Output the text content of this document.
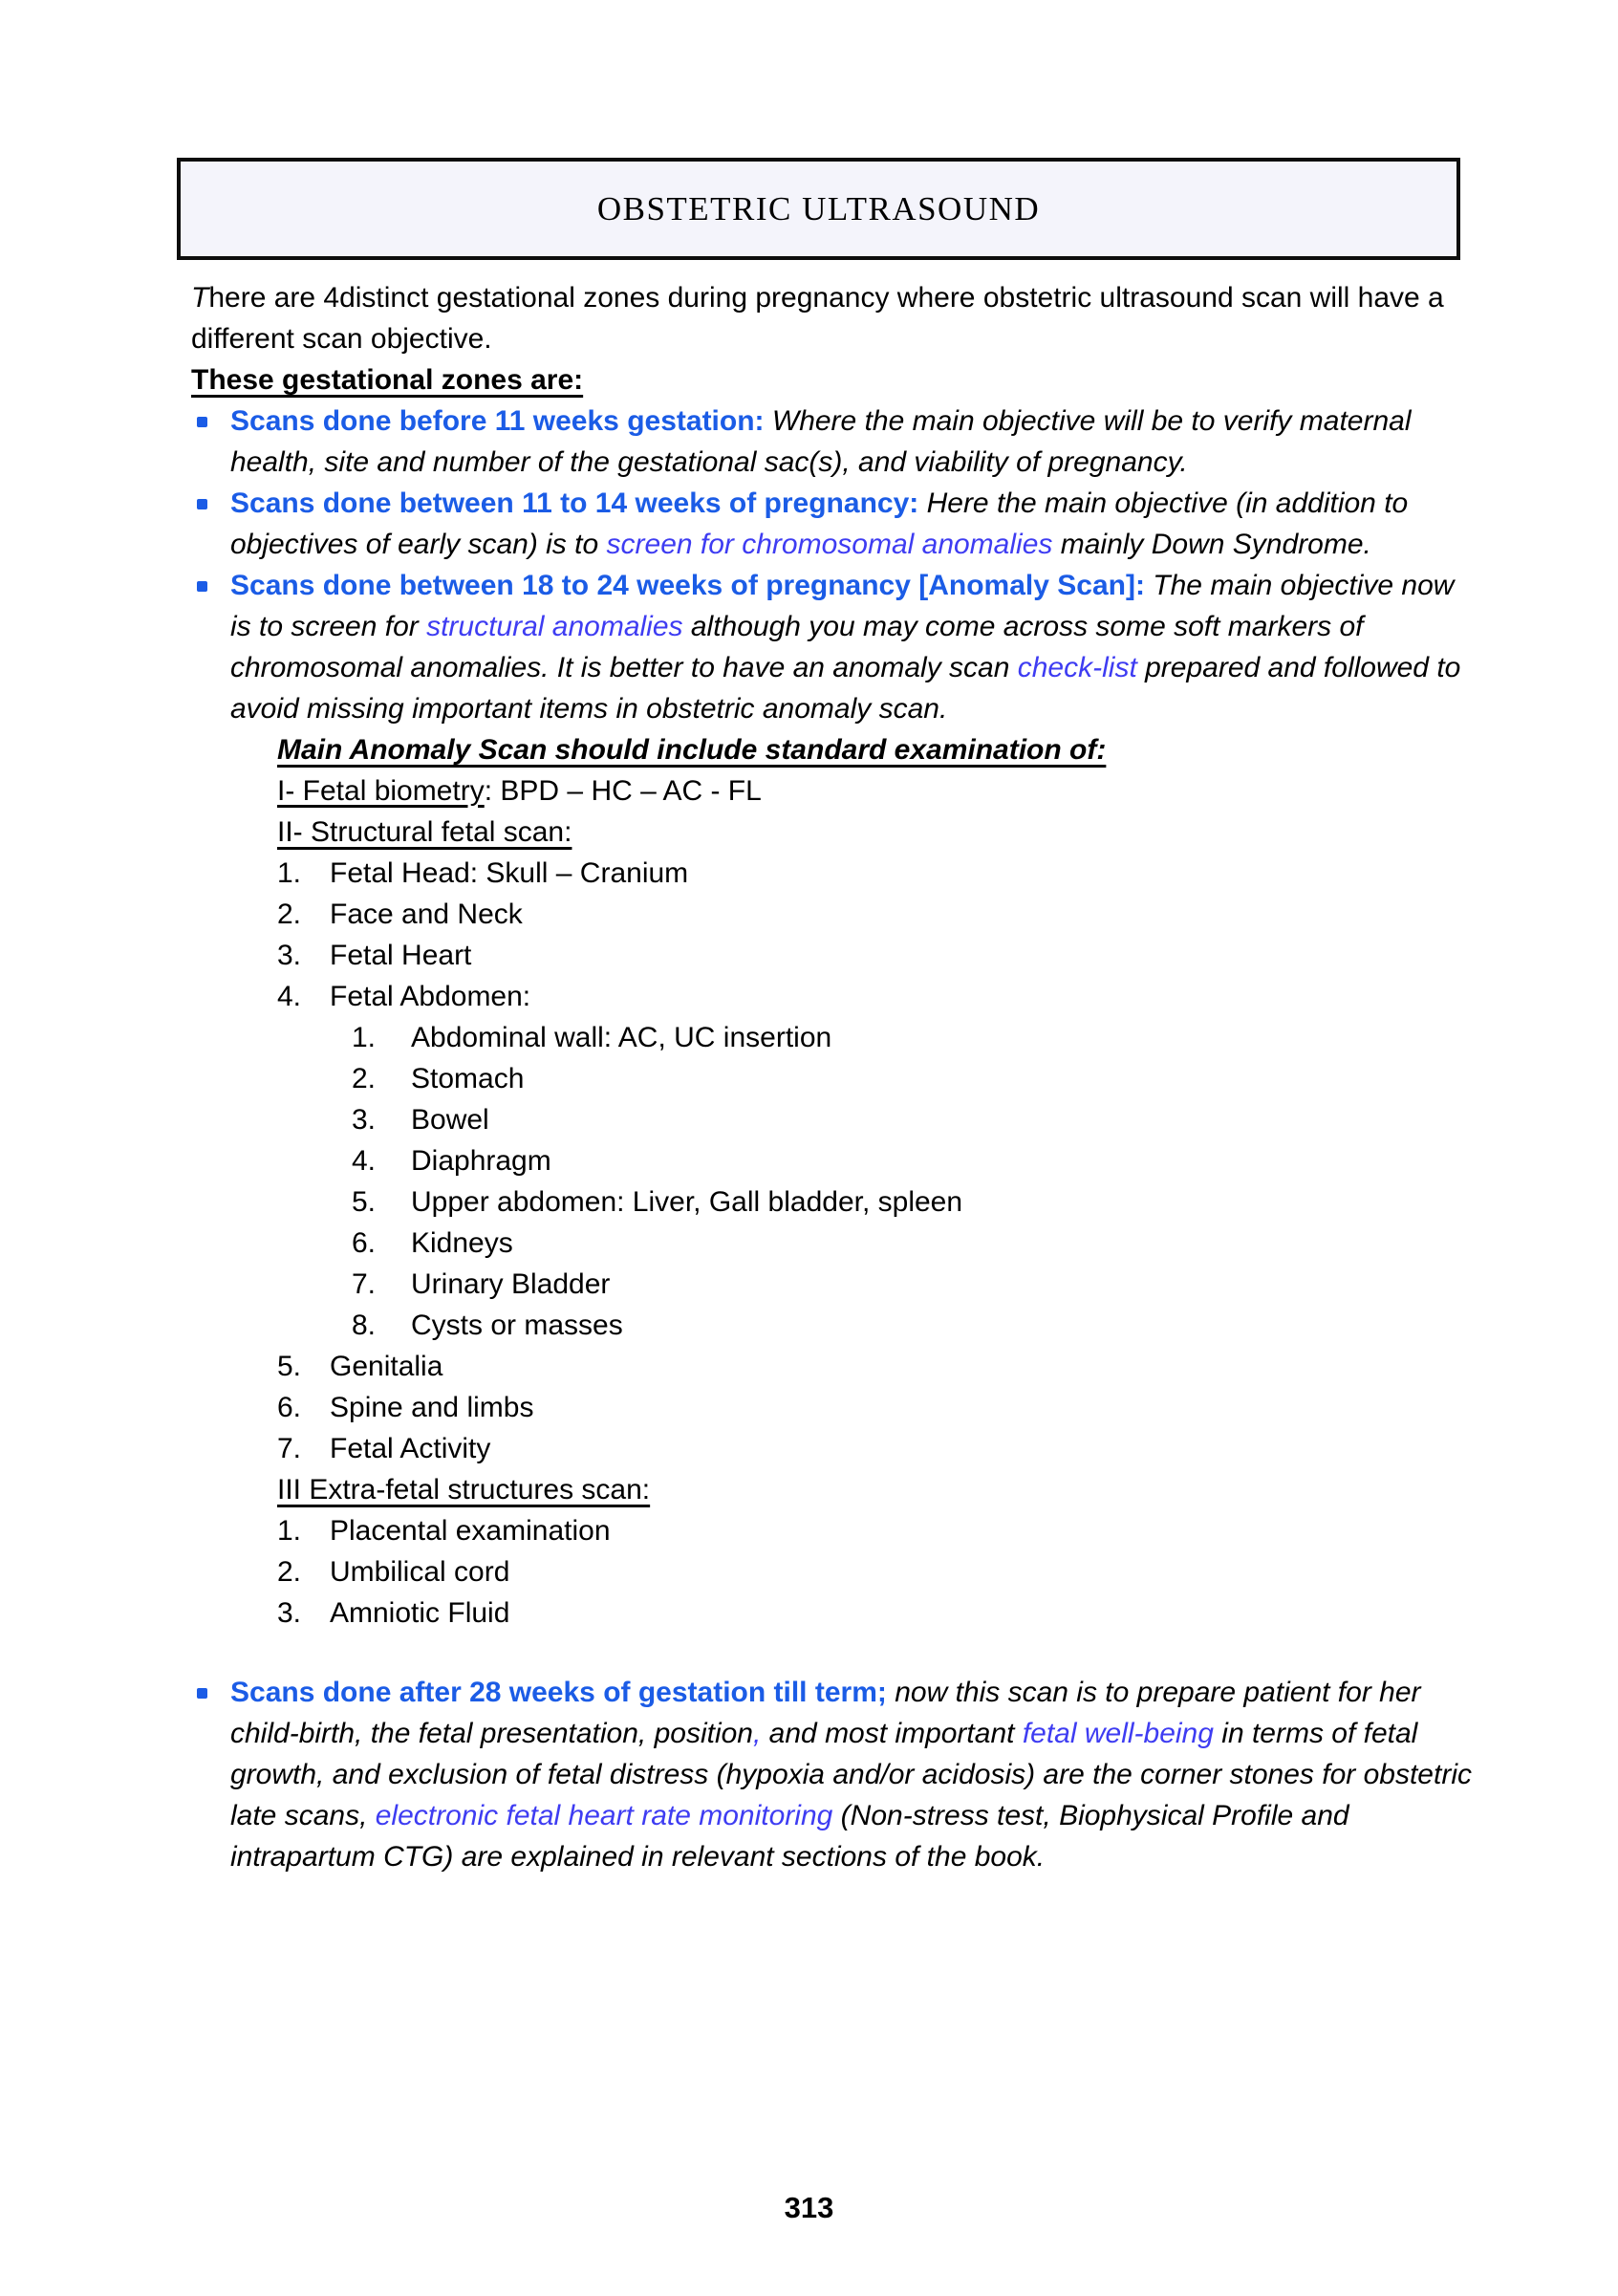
OBSTETRIC ULTRASOUND

There are 4distinct gestational zones during pregnancy where obstetric ultrasound scan will have a different scan objective.

These gestational zones are:

Scans done before 11 weeks gestation: Where the main objective will be to verify maternal health, site and number of the gestational sac(s), and viability of pregnancy.

Scans done between 11 to 14 weeks of pregnancy: Here the main objective (in addition to objectives of early scan) is to screen for chromosomal anomalies mainly Down Syndrome.

Scans done between 18 to 24 weeks of pregnancy [Anomaly Scan]: The main objective now is to screen for structural anomalies although you may come across some soft markers of chromosomal anomalies. It is better to have an anomaly scan check-list prepared and followed to avoid missing important items in obstetric anomaly scan.

Main Anomaly Scan should include standard examination of:

I- Fetal biometry: BPD – HC – AC - FL

II- Structural fetal scan:

1. Fetal Head: Skull – Cranium
2. Face and Neck
3. Fetal Heart
4. Fetal Abdomen:
1.	Abdominal wall: AC, UC insertion
2.	Stomach
3.	Bowel
4.	Diaphragm
5.	Upper abdomen: Liver, Gall bladder, spleen
6.	Kidneys
7.	Urinary Bladder
8.	Cysts or masses
5. Genitalia
6. Spine and limbs
7. Fetal Activity

III Extra-fetal structures scan:

1. Placental examination
2. Umbilical cord
3. Amniotic Fluid

Scans done after 28 weeks of gestation till term; now this scan is to prepare patient for her child-birth, the fetal presentation, position, and most important fetal well-being in terms of fetal growth, and exclusion of fetal distress (hypoxia and/or acidosis) are the corner stones for obstetric late scans, electronic fetal heart rate monitoring (Non-stress test, Biophysical Profile and intrapartum CTG) are explained in relevant sections of the book.

313
